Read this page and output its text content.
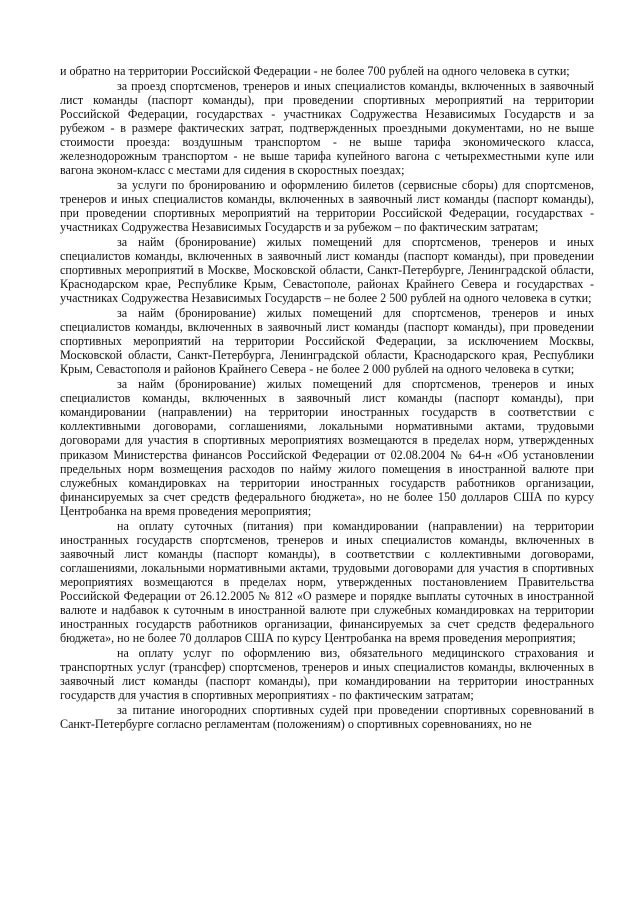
и обратно на территории Российской Федерации - не более 700 рублей на одного человека в сутки;

за проезд спортсменов, тренеров и иных специалистов команды, включенных в заявочный лист команды (паспорт команды), при проведении спортивных мероприятий на территории Российской Федерации, государствах - участниках Содружества Независимых Государств и за рубежом - в размере фактических затрат, подтвержденных проездными документами, но не выше стоимости проезда: воздушным транспортом - не выше тарифа экономического класса, железнодорожным транспортом - не выше тарифа купейного вагона с четырехместными купе или вагона эконом-класс с местами для сидения в скоростных поездах;

за услуги по бронированию и оформлению билетов (сервисные сборы) для спортсменов, тренеров и иных специалистов команды, включенных в заявочный лист команды (паспорт команды), при проведении спортивных мероприятий на территории Российской Федерации, государствах - участниках Содружества Независимых Государств и за рубежом – по фактическим затратам;

за найм (бронирование) жилых помещений для спортсменов, тренеров и иных специалистов команды, включенных в заявочный лист команды (паспорт команды), при проведении спортивных мероприятий в Москве, Московской области, Санкт-Петербурге, Ленинградской области, Краснодарском крае, Республике Крым, Севастополе, районах Крайнего Севера и государствах - участниках Содружества Независимых Государств – не более 2 500 рублей на одного человека в сутки;

за найм (бронирование) жилых помещений для спортсменов, тренеров и иных специалистов команды, включенных в заявочный лист команды (паспорт команды), при проведении спортивных мероприятий на территории Российской Федерации, за исключением Москвы, Московской области, Санкт-Петербурга, Ленинградской области, Краснодарского края, Республики Крым, Севастополя и районов Крайнего Севера - не более 2 000 рублей на одного человека в сутки;

за найм (бронирование) жилых помещений для спортсменов, тренеров и иных специалистов команды, включенных в заявочный лист команды (паспорт команды), при командировании (направлении) на территории иностранных государств в соответствии с коллективными договорами, соглашениями, локальными нормативными актами, трудовыми договорами для участия в спортивных мероприятиях возмещаются в пределах норм, утвержденных приказом Министерства финансов Российской Федерации от 02.08.2004 № 64-н «Об установлении предельных норм возмещения расходов по найму жилого помещения в иностранной валюте при служебных командировках на территории иностранных государств работников организации, финансируемых за счет средств федерального бюджета», но не более 150 долларов США по курсу Центробанка на время проведения мероприятия;

на оплату суточных (питания) при командировании (направлении) на территории иностранных государств спортсменов, тренеров и иных специалистов команды, включенных в заявочный лист команды (паспорт команды), в соответствии с коллективными договорами, соглашениями, локальными нормативными актами, трудовыми договорами для участия в спортивных мероприятиях возмещаются в пределах норм, утвержденных постановлением Правительства Российской Федерации от 26.12.2005 № 812 «О размере и порядке выплаты суточных в иностранной валюте и надбавок к суточным в иностранной валюте при служебных командировках на территории иностранных государств работников организации, финансируемых за счет средств федерального бюджета», но не более 70 долларов США по курсу Центробанка на время проведения мероприятия;

на оплату услуг по оформлению виз, обязательного медицинского страхования и транспортных услуг (трансфер) спортсменов, тренеров и иных специалистов команды, включенных в заявочный лист команды (паспорт команды), при командировании на территории иностранных государств для участия в спортивных мероприятиях - по фактическим затратам;

за питание иногородних спортивных судей при проведении спортивных соревнований в Санкт-Петербурге согласно регламентам (положениям) о спортивных соревнованиях, но не
